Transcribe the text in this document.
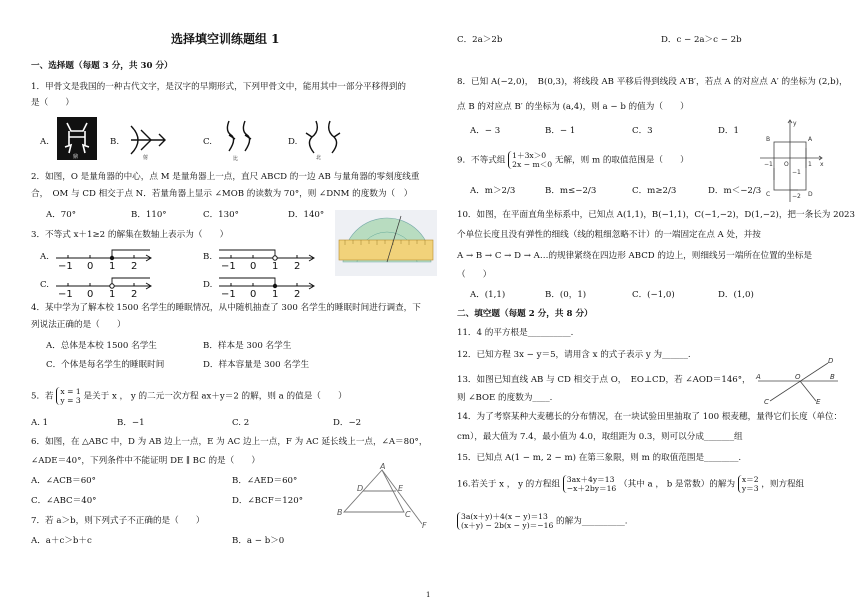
选择填空训练题组 1
一、选择题（每题 3 分，共 30 分）
1．甲骨文是我国的一种古代文字，是汉字的早期形式，下列甲骨文中，能用其中一部分平移得到的
是（　　）
A.
鼎
B.
射
C.
比
D.
北
2．如图，O 是量角器的中心，点 M 是量角器上一点，直尺 ABCD 的一边 AB 与量角器的零刻度线重
合，　OM 与 CD 相交于点 N．若量角器上显示 ∠MOB 的读数为 70°，则 ∠DNM 的度数为（　）
A．70°	B．110°	C．130°	D．140°
3．不等式 x＋1≥2 的解集在数轴上表示为（　　）
A.	B.
C.	D.
−1 0 1 2	−1 0 1 2
−1 0 1 2	−1 0 1 2
4．某中学为了解本校 1500 名学生的睡眠情况，从中随机抽查了 300 名学生的睡眠时间进行调查，下
列说法正确的是（　　）
A．总体是本校 1500 名学生	B．样本是 300 名学生
C．个体是每名学生的睡眠时间	D．样本容量是 300 名学生
5．若 x = 1
y = 3 是关于 x ， y 的二元一次方程 ax＋y＝2 的解，则 a 的值是（　　）
A. 1	B．−1	C. 2	D．−2
6．如图，在 △ABC 中，D 为 AB 边上一点，E 为 AC 边上一点，F 为 AC 延长线上一点，∠A＝80°，
∠ADE＝40°，下列条件中不能证明 DE ∥ BC 的是（　　）
A．∠ACB＝60°	B．∠AED＝60°
C．∠ABC＝40°	D．∠BCF＝120°
A
D	E
B	C
F
7．若 a＞b，则下列式子不正确的是（　　）
A．a＋c＞b＋c	B．a − b＞0
1
C．2a＞2b	D．c − 2a＞c − 2b
8．已知 A(−2,0)，　B(0,3)，将线段 AB 平移后得到线段 A′B′，若点 A 的对应点 A′ 的坐标为 (2,b)，
点 B 的对应点 B′ 的坐标为 (a,4)，则 a − b 的值为（　　）
A．− 3	B．− 1	C．3	D．1
9．不等式组 1＋3x＞0
2x − m＜0 无解，则 m 的取值范围是（　　）
A．m＞2/3	B．m≤−2/3	C．m≥2/3	D．m＜−2/3
y
B	A
x
−1 O	1
−1
C	D
−2
10．如图，在平面直角坐标系中，已知点 A(1,1)，B(−1,1)，C(−1,−2)，D(1,−2)，把一条长为 2023
个单位长度且没有弹性的细线（线的粗细忽略不计）的一端固定在点 A 处，并按
A → B → C → D → A…的规律紧绕在四边形 ABCD 的边上，则细线另一端所在位置的坐标是
（　　）
A．(1,1)	B．(0，1)	C．(−1,0)	D．(1,0)
二、填空题（每题 2 分，共 8 分）
11．4 的平方根是__________.
12．已知方程 3x − y＝5，请用含 x 的式子表示 y 为______.
13．如图已知直线 AB 与 CD 相交于点 O，　EO⊥CD，若 ∠AOD＝146°，
则 ∠BOE 的度数为____.
D
A	O	B
C	E
14．为了考察某种大麦穗长的分布情况，在一块试验田里抽取了 100 根麦穗，量得它们长度（单位：
cm），最大值为 7.4，最小值为 4.0，取组距为 0.3，则可以分成_______组
15．已知点 A(1 − m, 2 − m) 在第三象限，则 m 的取值范围是________.
16.若关于 x ， y 的方程组 3ax＋4y＝13
−x＋2by＝16 （其中 a ， b 是常数）的解为 x＝2
y＝3 ，则方程组
3a(x＋y)＋4(x − y)＝13
(x＋y) − 2b(x − y)＝−16 的解为__________.
